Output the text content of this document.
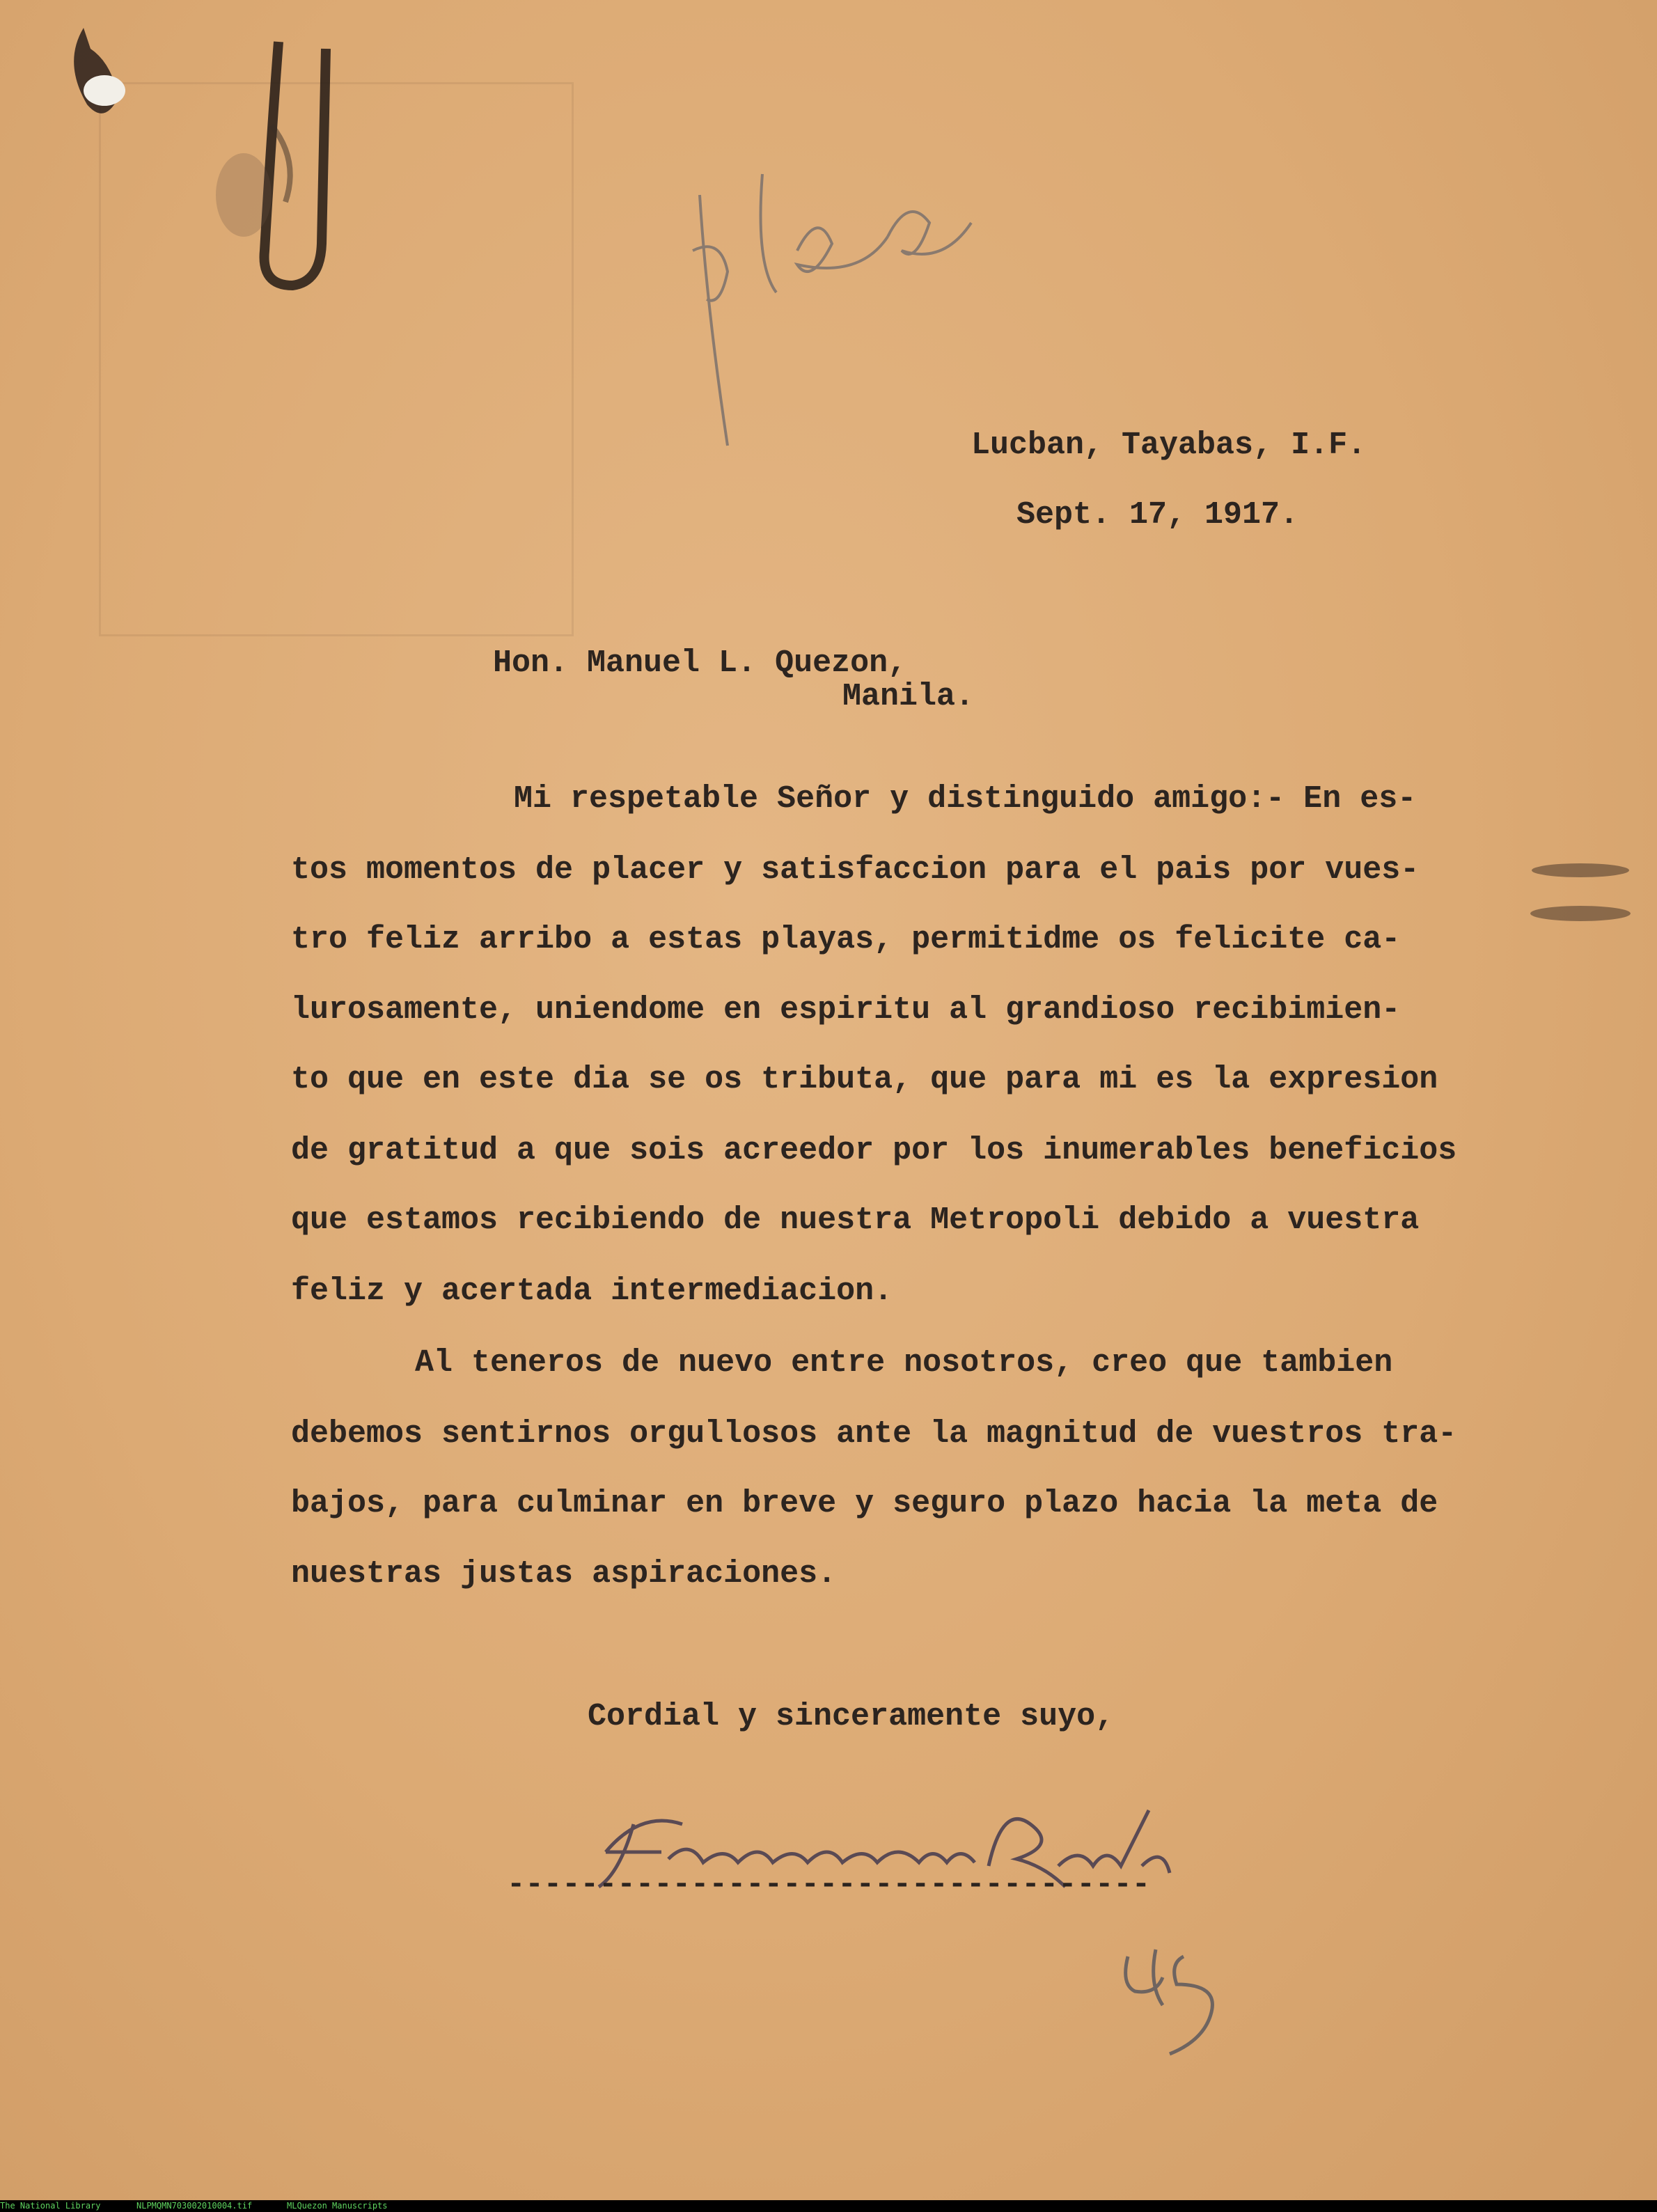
Lucban, Tayabas, I.F.

Sept. 17, 1917.

Hon. Manuel L. Quezon,

Manila.

Mi respetable Señor y distinguido amigo:- En es-

tos momentos de placer y satisfaccion para el pais por vues-

tro feliz arribo a estas playas, permitidme os felicite ca-

lurosamente, uniendome en espiritu al grandioso recibimien-

to que en este dia se os tributa, que para mi es la expresion

de gratitud a que sois acreedor por los inumerables beneficios

que estamos recibiendo de nuestra Metropoli debido a vuestra

feliz y acertada intermediacion.

Al teneros de nuevo entre nosotros, creo que tambien

debemos sentirnos orgullosos ante la magnitud de vuestros tra-

bajos, para culminar en breve y seguro plazo hacia la meta de

nuestras justas aspiraciones.

Cordial y sinceramente suyo,

-----------------------------------

The National Library	NLPMQMN703002010004.tif	MLQuezon Manuscripts
